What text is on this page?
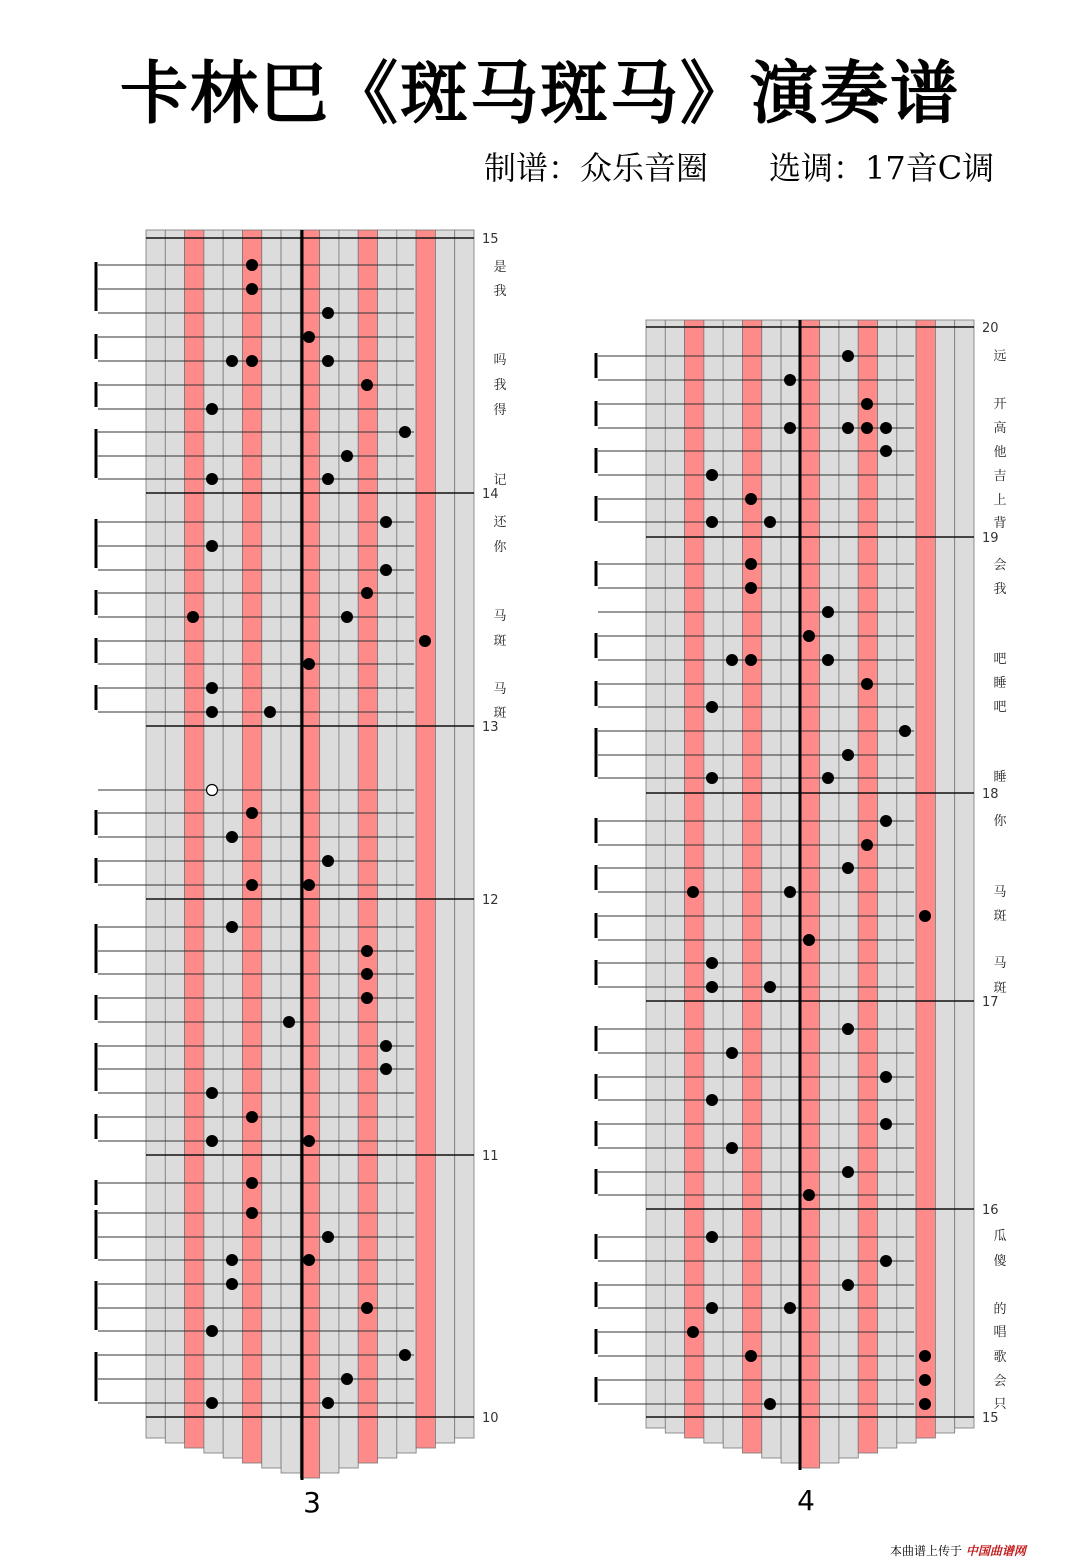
卡林巴《斑马斑马》演奏谱
制谱：众乐音圈      选调：17音C调
15
14
13
12
11
10
是
我
吗
我
得
记
还
你
马
斑
马
斑
3
20
19
18
17
16
15
远
开
高
他
吉
上
背
会
我
吧
睡
吧
睡
你
马
斑
马
斑
瓜
傻
的
唱
歌
会
只
4
本曲谱上传于 中国曲谱网
